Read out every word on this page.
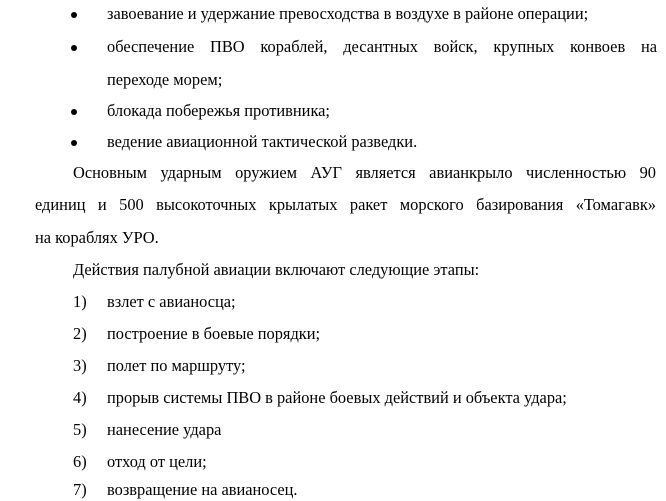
завоевание и удержание превосходства в воздухе в районе операции;
обеспечение ПВО кораблей, десантных войск, крупных конвоев на
переходе морем;
блокада побережья противника;
ведение авиационной тактической разведки.
Основным ударным оружием АУГ является авианкрыло численностью 90
единиц и 500 высокоточных крылатых ракет морского базирования «Томагавк»
на кораблях УРО.
Действия палубной авиации включают следующие этапы:
1) взлет с авианосца;
2) построение в боевые порядки;
3) полет по маршруту;
4) прорыв системы ПВО в районе боевых действий и объекта удара;
5) нанесение удара
6) отход от цели;
7) возвращение на авианосец.
